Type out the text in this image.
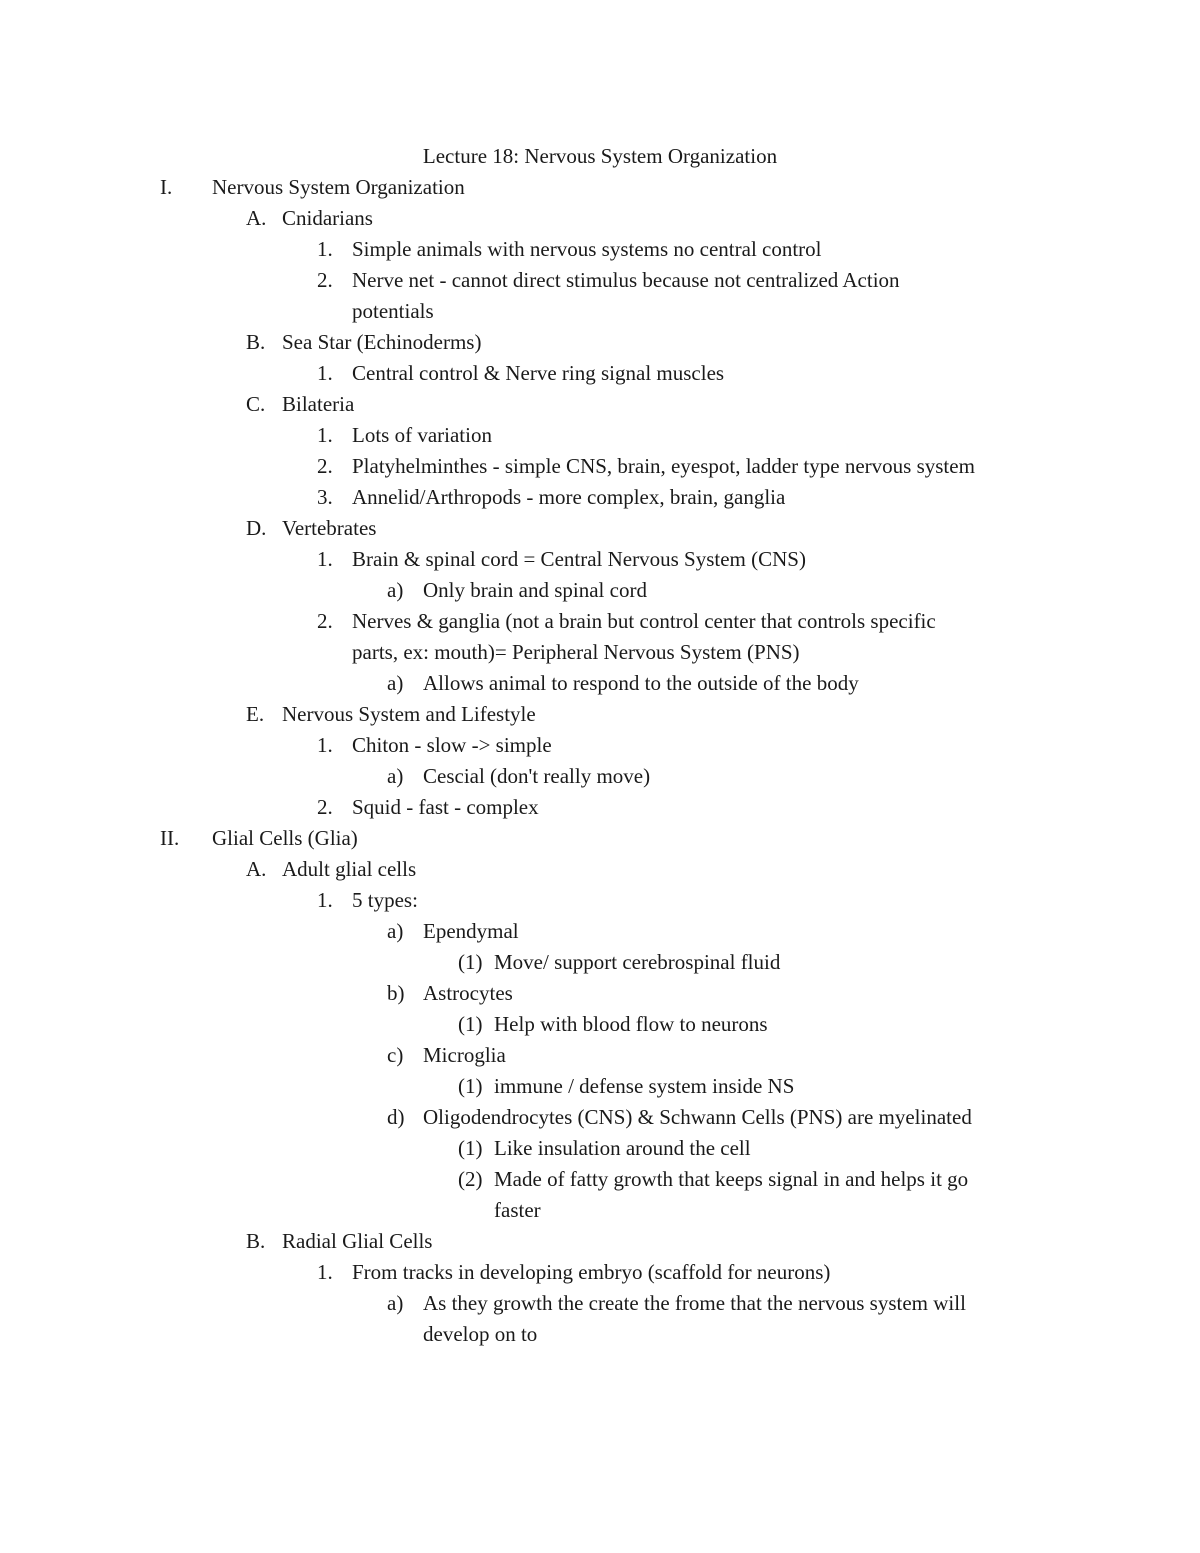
Lecture 18: Nervous System Organization
I. Nervous System Organization
A. Cnidarians
1. Simple animals with nervous systems no central control
2. Nerve net - cannot direct stimulus because not centralized Action
potentials
B. Sea Star (Echinoderms)
1. Central control & Nerve ring signal muscles
C. Bilateria
1. Lots of variation
2. Platyhelminthes - simple CNS, brain, eyespot, ladder type nervous system
3. Annelid/Arthropods - more complex, brain, ganglia
D. Vertebrates
1. Brain & spinal cord = Central Nervous System (CNS)
a) Only brain and spinal cord
2. Nerves & ganglia (not a brain but control center that controls specific
parts, ex: mouth)= Peripheral Nervous System (PNS)
a) Allows animal to respond to the outside of the body
E. Nervous System and Lifestyle
1. Chiton - slow -> simple
a) Cescial (don't really move)
2. Squid - fast - complex
II. Glial Cells (Glia)
A. Adult glial cells
1. 5 types:
a) Ependymal
(1) Move/ support cerebrospinal fluid
b) Astrocytes
(1) Help with blood flow to neurons
c) Microglia
(1) immune / defense system inside NS
d) Oligodendrocytes (CNS) & Schwann Cells (PNS) are myelinated
(1) Like insulation around the cell
(2) Made of fatty growth that keeps signal in and helps it go
faster
B. Radial Glial Cells
1. From tracks in developing embryo (scaffold for neurons)
a) As they growth the create the frome that the nervous system will
develop on to
